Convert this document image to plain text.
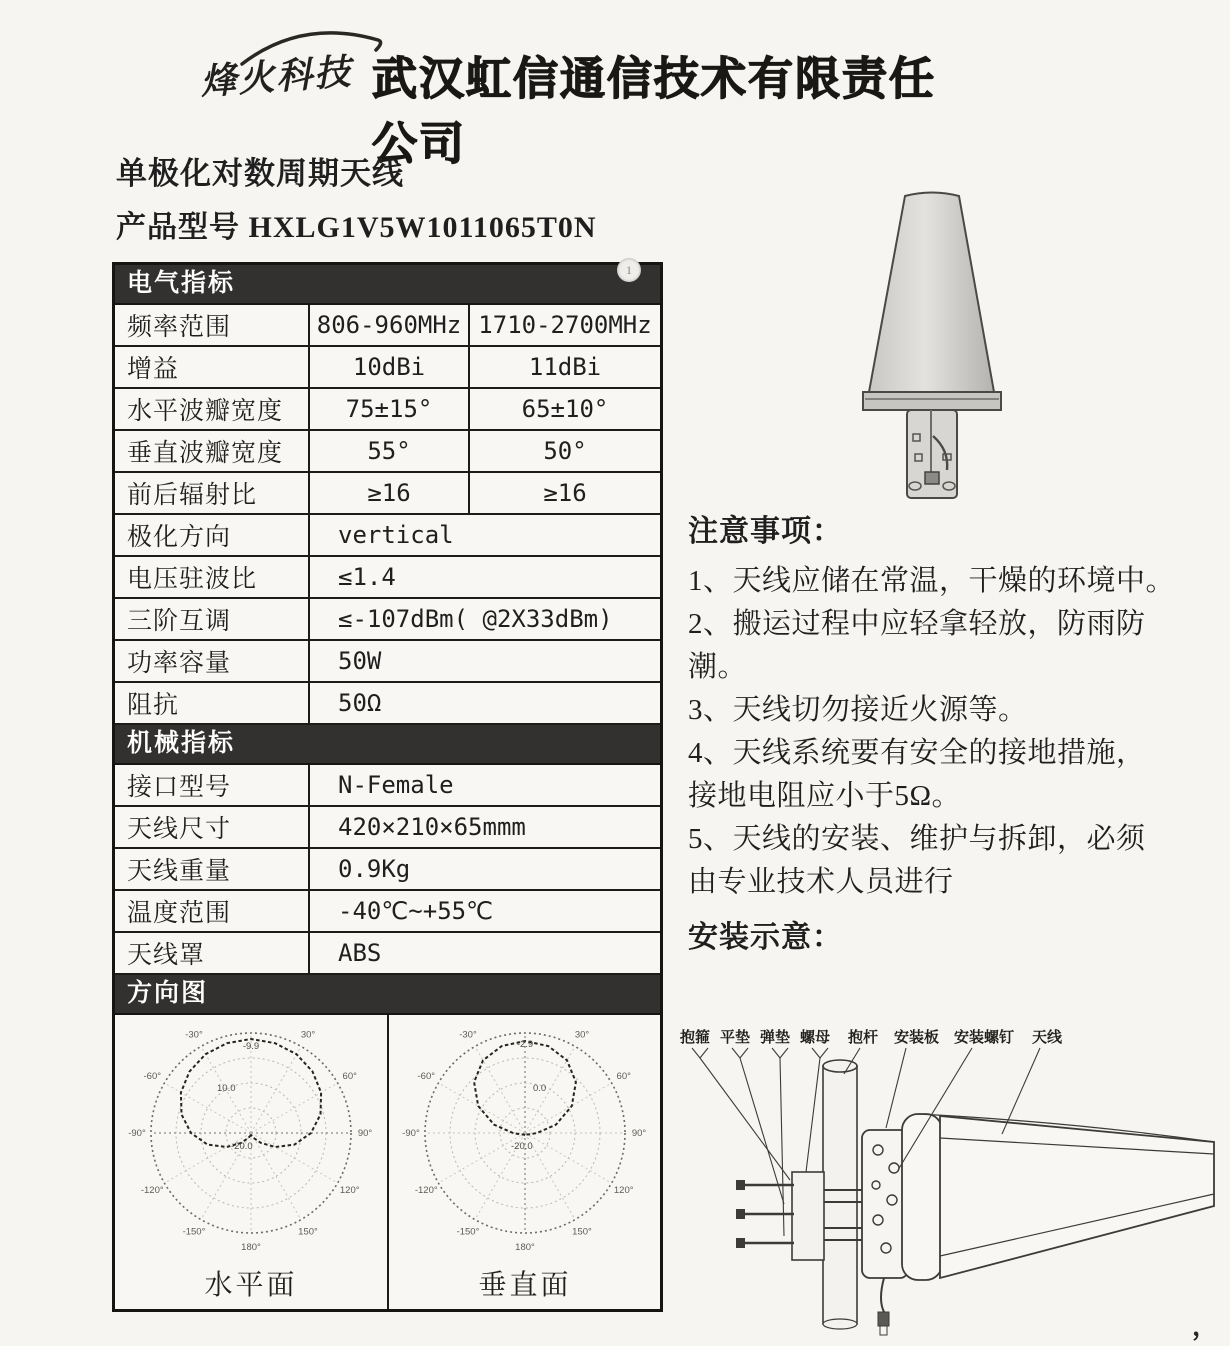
烽火科技 武汉虹信通信技术有限责任公司
单极化对数周期天线
产品型号 HXLG1V5W1011065T0N
电气指标
频率范围	806-960MHz 1710-2700MHz
增益	10dBi	11dBi
水平波瓣宽度	75±15°	65±10°
垂直波瓣宽度	55°	50°
前后辐射比	≥16	≥16
极化方向	vertical
电压驻波比	≤1.4
三阶互调	≤-107dBm( @2X33dBm)
功率容量	50W
阻抗	50Ω
机械指标
接口型号	N-Female
天线尺寸	420×210×65mmm
天线重量	0.9Kg
温度范围	-40℃~+55℃
天线罩	ABS
方向图
-30°	30°
-60°	60°
-90°	90°
-120°	120°
-150°	150°
180°
10.0
-20.0
-9.9
水平面
-30°	30°
-60°	60°
-90°	90°
-120°	120°
-150°	150°
180°
0.0
-20.0
-2.9
垂直面
注意事项：
1、天线应储在常温，干燥的环境中。
2、搬运过程中应轻拿轻放，防雨防
潮。
3、天线切勿接近火源等。
4、天线系统要有安全的接地措施，
接地电阻应小于5Ω。
5、天线的安装、维护与拆卸，必须
由专业技术人员进行
安装示意：
抱箍 平垫 弹垫 螺母 抱杆 安装板 安装螺钉 天线
1
，
